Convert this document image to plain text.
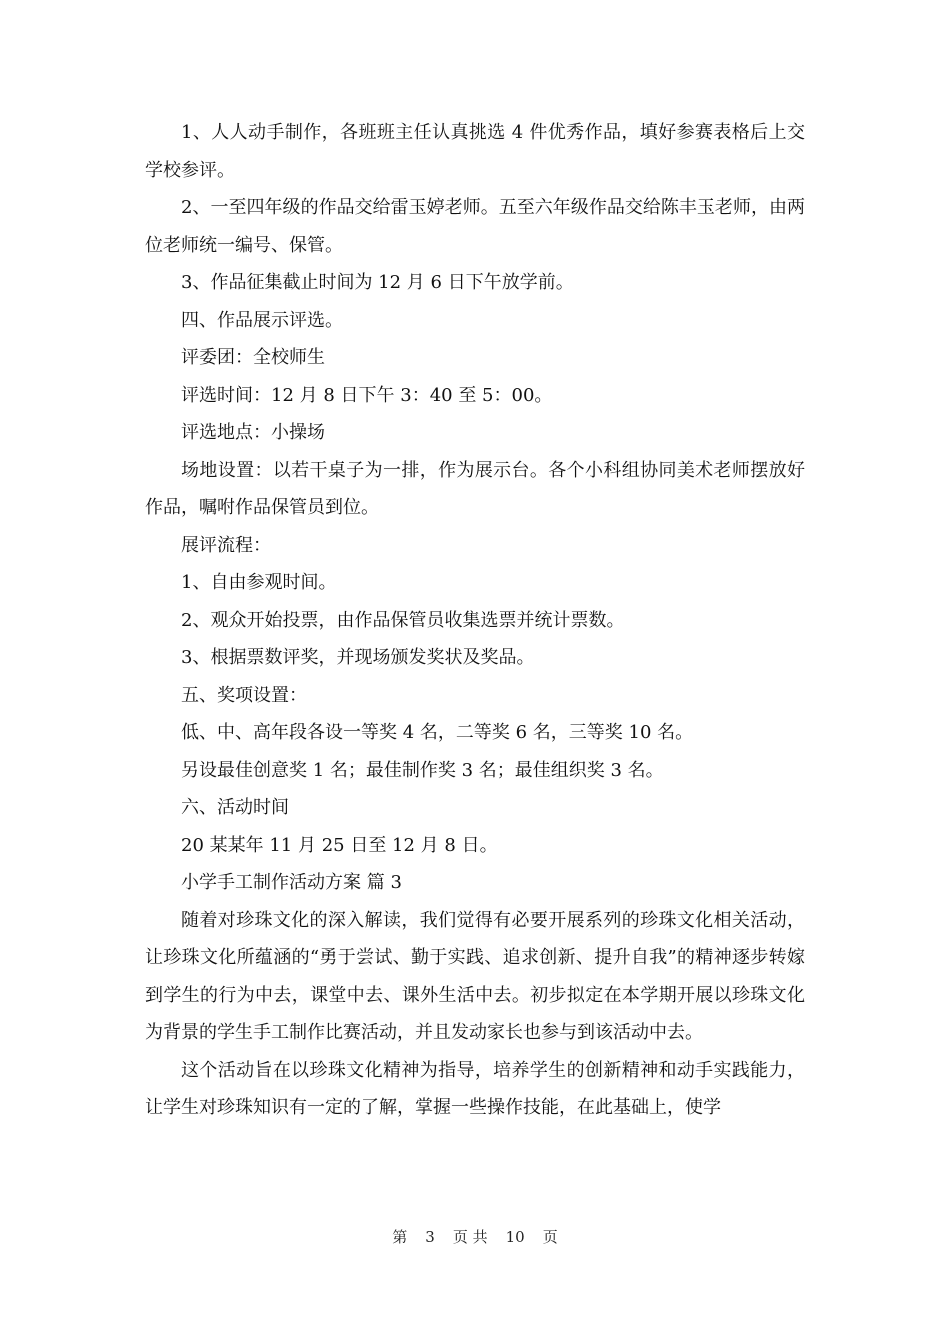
1、人人动手制作，各班班主任认真挑选 4 件优秀作品，填好参赛表格后上交学校参评。

2、一至四年级的作品交给雷玉婷老师。五至六年级作品交给陈丰玉老师，由两位老师统一编号、保管。

3、作品征集截止时间为 12 月 6 日下午放学前。

四、作品展示评选。

评委团：全校师生

评选时间：12 月 8 日下午 3：40 至 5：00。

评选地点：小操场

场地设置：以若干桌子为一排，作为展示台。各个小科组协同美术老师摆放好作品，嘱咐作品保管员到位。

展评流程：

1、自由参观时间。

2、观众开始投票，由作品保管员收集选票并统计票数。

3、根据票数评奖，并现场颁发奖状及奖品。

五、奖项设置：

低、中、高年段各设一等奖 4 名，二等奖 6 名，三等奖 10 名。

另设最佳创意奖 1 名；最佳制作奖 3 名；最佳组织奖 3 名。

六、活动时间

20 某某年 11 月 25 日至 12 月 8 日。

小学手工制作活动方案 篇 3

随着对珍珠文化的深入解读，我们觉得有必要开展系列的珍珠文化相关活动，让珍珠文化所蕴涵的“勇于尝试、勤于实践、追求创新、提升自我”的精神逐步转嫁到学生的行为中去，课堂中去、课外生活中去。初步拟定在本学期开展以珍珠文化为背景的学生手工制作比赛活动，并且发动家长也参与到该活动中去。

这个活动旨在以珍珠文化精神为指导，培养学生的创新精神和动手实践能力，让学生对珍珠知识有一定的了解，掌握一些操作技能，在此基础上，使学

第 3 页 共 10 页
